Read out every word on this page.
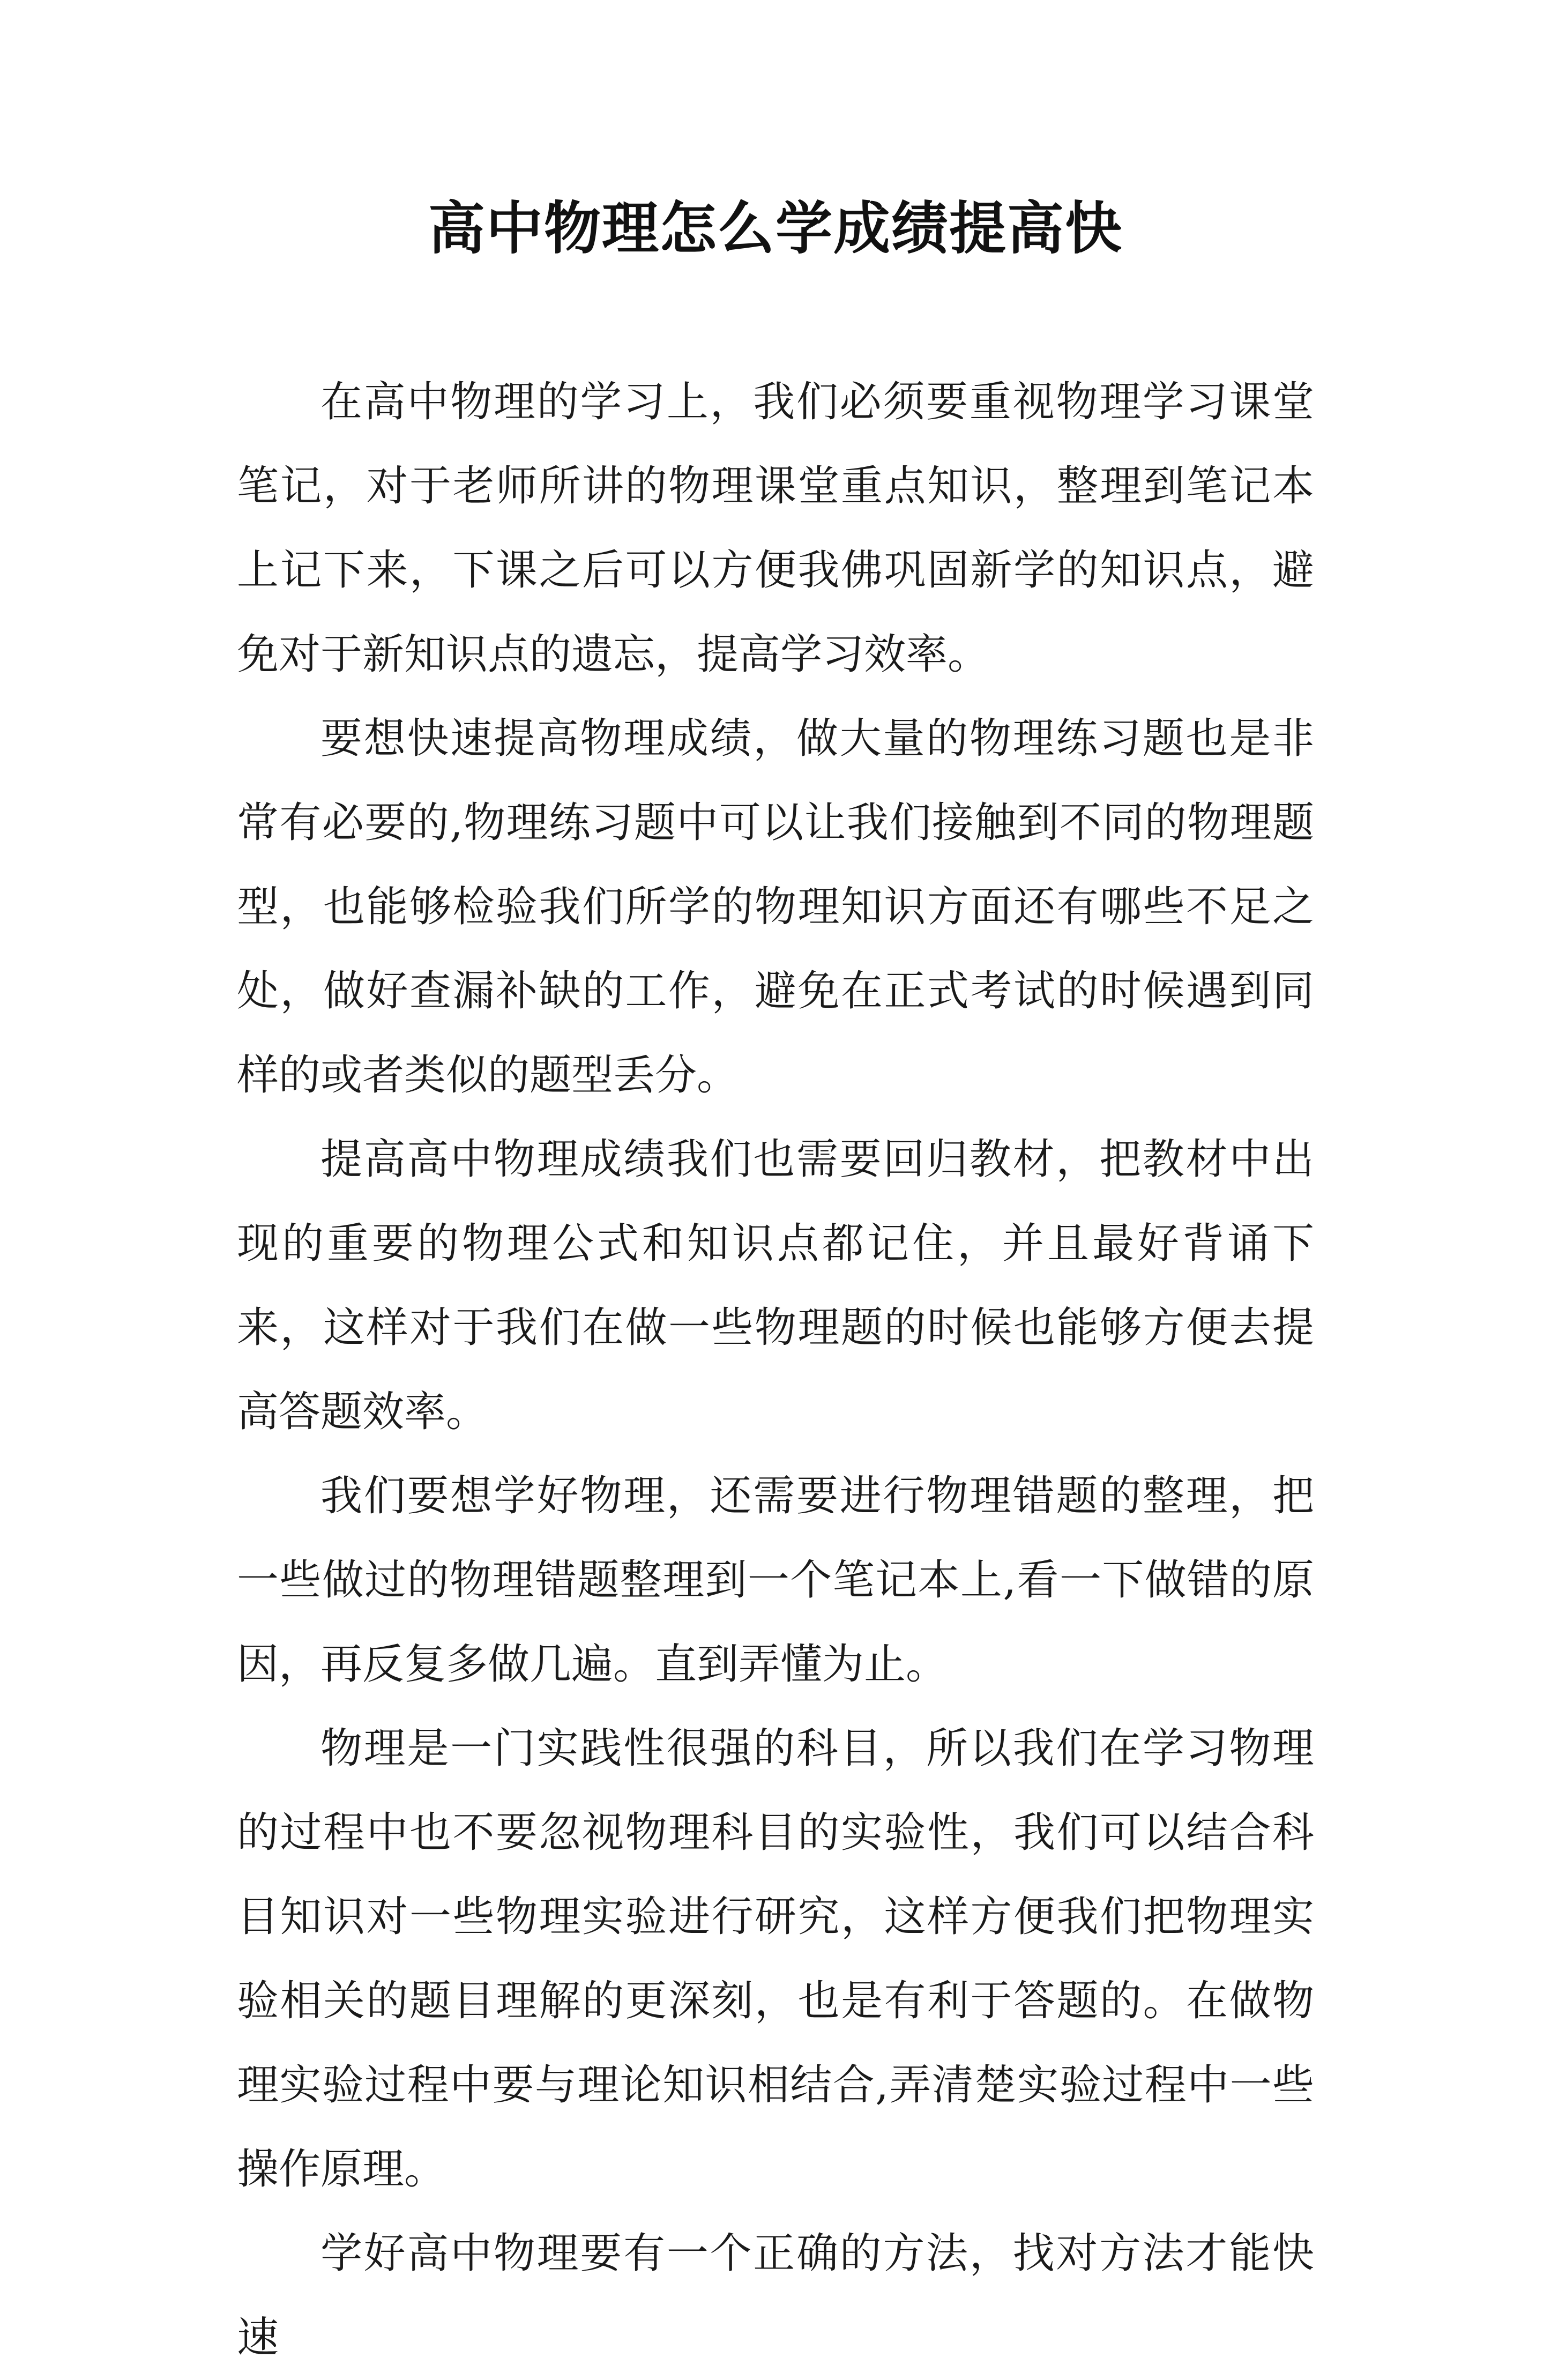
高中物理怎么学成绩提高快

在高中物理的学习上，我们必须要重视物理学习课堂笔记，对于老师所讲的物理课堂重点知识，整理到笔记本上记下来，下课之后可以方便我佛巩固新学的知识点，避免对于新知识点的遗忘，提高学习效率。

要想快速提高物理成绩，做大量的物理练习题也是非常有必要的,物理练习题中可以让我们接触到不同的物理题型，也能够检验我们所学的物理知识方面还有哪些不足之处，做好查漏补缺的工作，避免在正式考试的时候遇到同样的或者类似的题型丢分。

提高高中物理成绩我们也需要回归教材，把教材中出现的重要的物理公式和知识点都记住，并且最好背诵下来，这样对于我们在做一些物理题的时候也能够方便去提高答题效率。

我们要想学好物理，还需要进行物理错题的整理，把一些做过的物理错题整理到一个笔记本上,看一下做错的原因，再反复多做几遍。直到弄懂为止。

物理是一门实践性很强的科目，所以我们在学习物理的过程中也不要忽视物理科目的实验性，我们可以结合科目知识对一些物理实验进行研究，这样方便我们把物理实验相关的题目理解的更深刻，也是有利于答题的。在做物理实验过程中要与理论知识相结合,弄清楚实验过程中一些操作原理。

学好高中物理要有一个正确的方法，找对方法才能快速
